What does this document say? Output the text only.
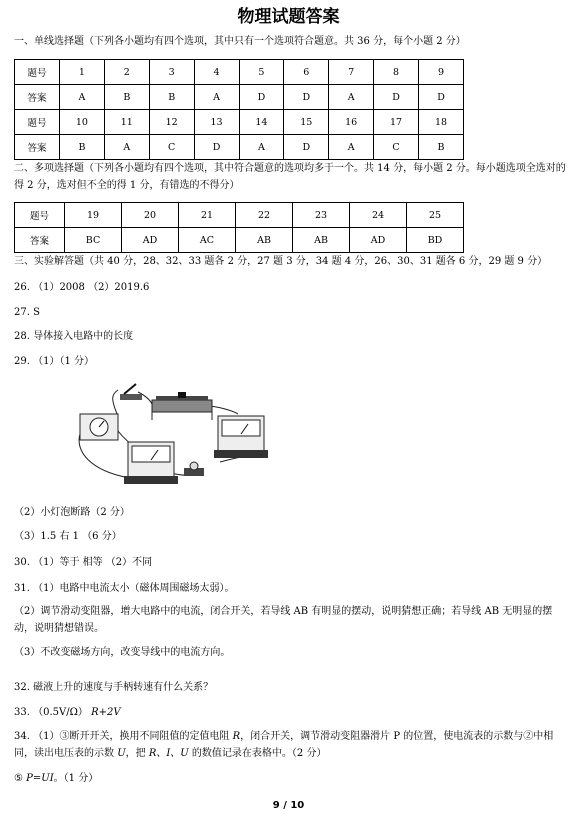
物理试题答案
一、单线选择题（下列各小题均有四个选项，其中只有一个选项符合题意。共 36 分，每个小题 2 分）
题号	1	2	3	4	5	6	7	8	9
答案	A	B	B	A	D	D	A	D	D
题号	10	11	12	13	14	15	16	17	18
答案	B	A	C	D	A	D	A	C	B
二、多项选择题（下列各小题均有四个选项，其中符合题意的选项均多于一个。共 14 分，每小题 2 分。每小题选项全选对的得 2 分，选对但不全的得 1 分，有错选的不得分）
题号	19	20	21	22	23	24	25
答案	BC	AD	AC	AB	AB	AD	BD
三、实验解答题（共 40 分，28、32、33 题各 2 分，27 题 3 分，34 题 4 分，26、30、31 题各 6 分，29 题 9 分）
26. （1）2008 （2）2019.6
27. S
28. 导体接入电路中的长度
29. （1）（1 分）
（2）小灯泡断路（2 分）
（3）1.5 右 1 （6 分）
30. （1）等于 相等 （2）不同
31. （1）电路中电流太小（磁体周围磁场太弱）。
（2）调节滑动变阻器，增大电路中的电流，闭合开关，若导线 AB 有明显的摆动，说明猜想正确；若导线 AB 无明显的摆动，说明猜想错误。
（3）不改变磁场方向，改变导线中的电流方向。
32. 磁液上升的速度与手柄转速有什么关系？
33. （0.5V/Ω） R+2V
34. （1）③断开开关，换用不同阻值的定值电阻 R，闭合开关，调节滑动变阻器滑片 P 的位置，使电流表的示数与②中相同，读出电压表的示数 U，把 R、I、U 的数值记录在表格中。（2 分）
⑤ P=UI。（1 分）
9 / 10
